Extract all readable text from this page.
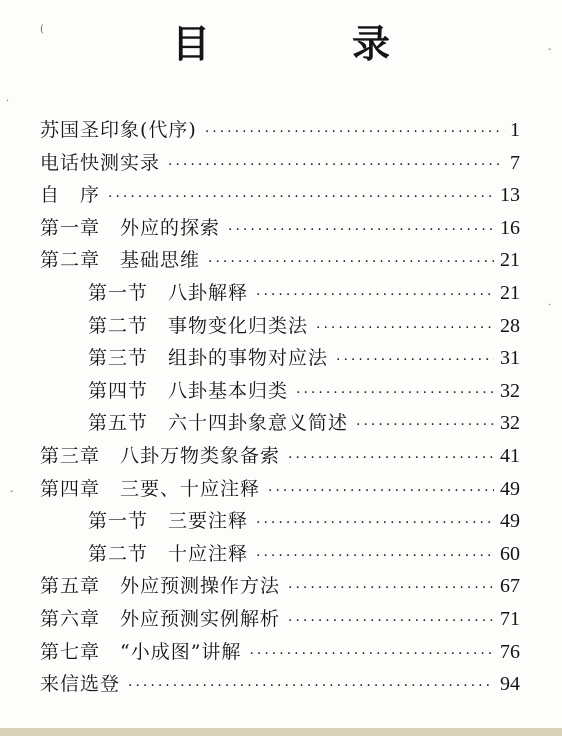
目　录
苏国圣印象(代序) ·····	1
电话快测实录 ·····	7
自　序 ·····	13
第一章　外应的探索 ·····	16
第二章　基础思维 ·····	21
第一节　八卦解释 ·····	21
第二节　事物变化归类法 ·····	28
第三节　组卦的事物对应法 ·····	31
第四节　八卦基本归类 ·····	32
第五节　六十四卦象意义简述 ·····	32
第三章　八卦万物类象备索 ·····	41
第四章　三要、十应注释 ·····	49
第一节　三要注释 ·····	49
第二节　十应注释 ·····	60
第五章　外应预测操作方法 ·····	67
第六章　外应预测实例解析 ·····	71
第七章　“小成图”讲解 ·····	76
来信选登 ·····	94
(
-
·
·
-
